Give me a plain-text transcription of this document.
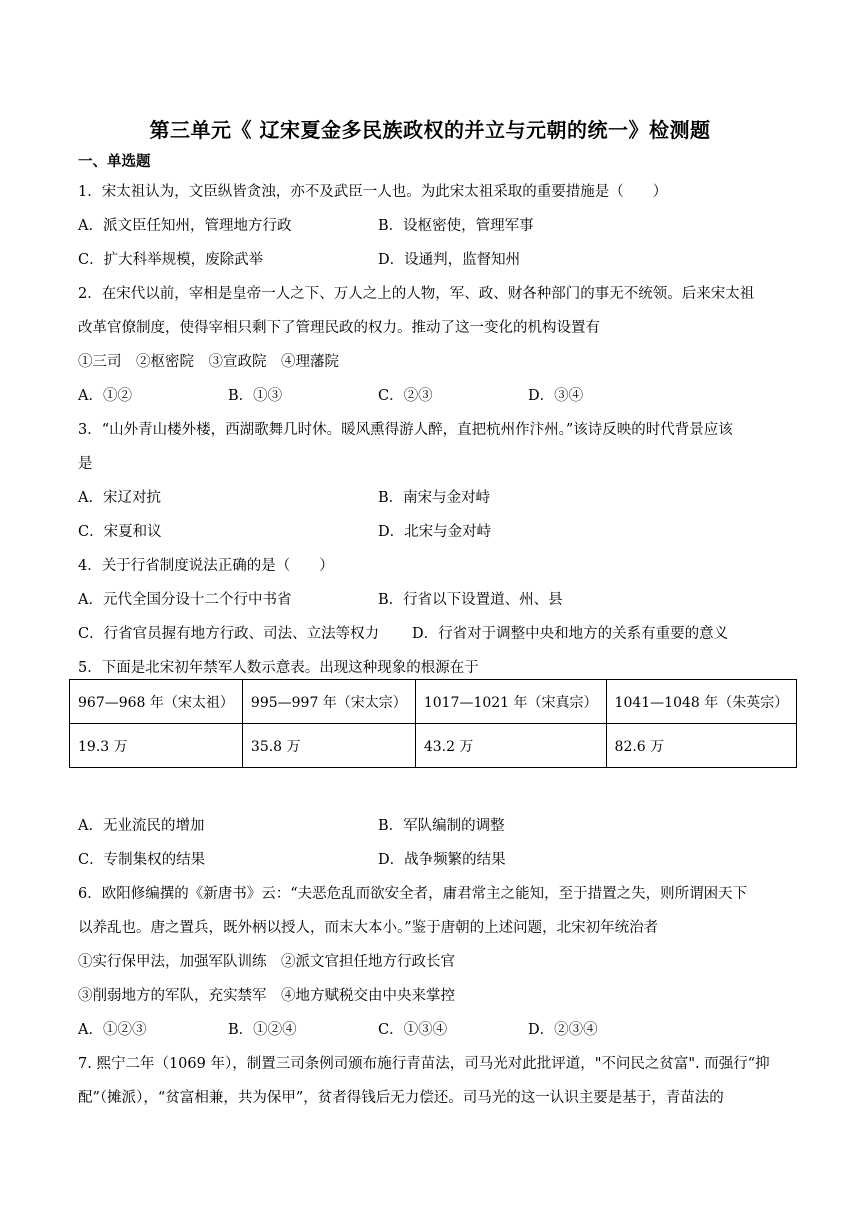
第三单元《 辽宋夏金多民族政权的并立与元朝的统一》检测题
一、单选题
1．宋太祖认为，文臣纵皆贪浊，亦不及武臣一人也。为此宋太祖采取的重要措施是（　　）
A．派文臣任知州，管理地方行政	B．设枢密使，管理军事
C．扩大科举规模，废除武举	D．设通判，监督知州
2．在宋代以前，宰相是皇帝一人之下、万人之上的人物，军、政、财各种部门的事无不统领。后来宋太祖
改革官僚制度，使得宰相只剩下了管理民政的权力。推动了这一变化的机构设置有
①三司　②枢密院　③宣政院　④理藩院
A．①②	B．①③	C．②③	D．③④
3．“山外青山楼外楼，西湖歌舞几时休。暖风熏得游人醉，直把杭州作汴州。”该诗反映的时代背景应该
是
A．宋辽对抗	B．南宋与金对峙
C．宋夏和议	D．北宋与金对峙
4．关于行省制度说法正确的是（　　）
A．元代全国分设十二个行中书省	B．行省以下设置道、州、县
C．行省官员握有地方行政、司法、立法等权力 D．行省对于调整中央和地方的关系有重要的意义
5．下面是北宋初年禁军人数示意表。出现这种现象的根源在于
967—968 年（宋太祖）	995—997 年（宋太宗）	1017—1021 年（宋真宗）	1041—1048 年（朱英宗）
19.3 万	35.8 万	43.2 万	82.6 万
A．无业流民的增加	B．军队编制的调整
C．专制集权的结果	D．战争频繁的结果
6．欧阳修编撰的《新唐书》云：“夫恶危乱而欲安全者，庸君常主之能知，至于措置之失，则所谓困天下
以养乱也。唐之置兵，既外柄以授人，而末大本小。”鉴于唐朝的上述问题，北宋初年统治者
①实行保甲法，加强军队训练　②派文官担任地方行政长官
③削弱地方的军队，充实禁军　④地方赋税交由中央来掌控
A．①②③	B．①②④	C．①③④	D．②③④
7. 熙宁二年（1069 年），制置三司条例司颁布施行青苗法，司马光对此批评道，"不问民之贫富". 而强行“抑
配”（摊派），“贫富相兼，共为保甲”，贫者得钱后无力偿还。司马光的这一认识主要是基于，青苗法的
